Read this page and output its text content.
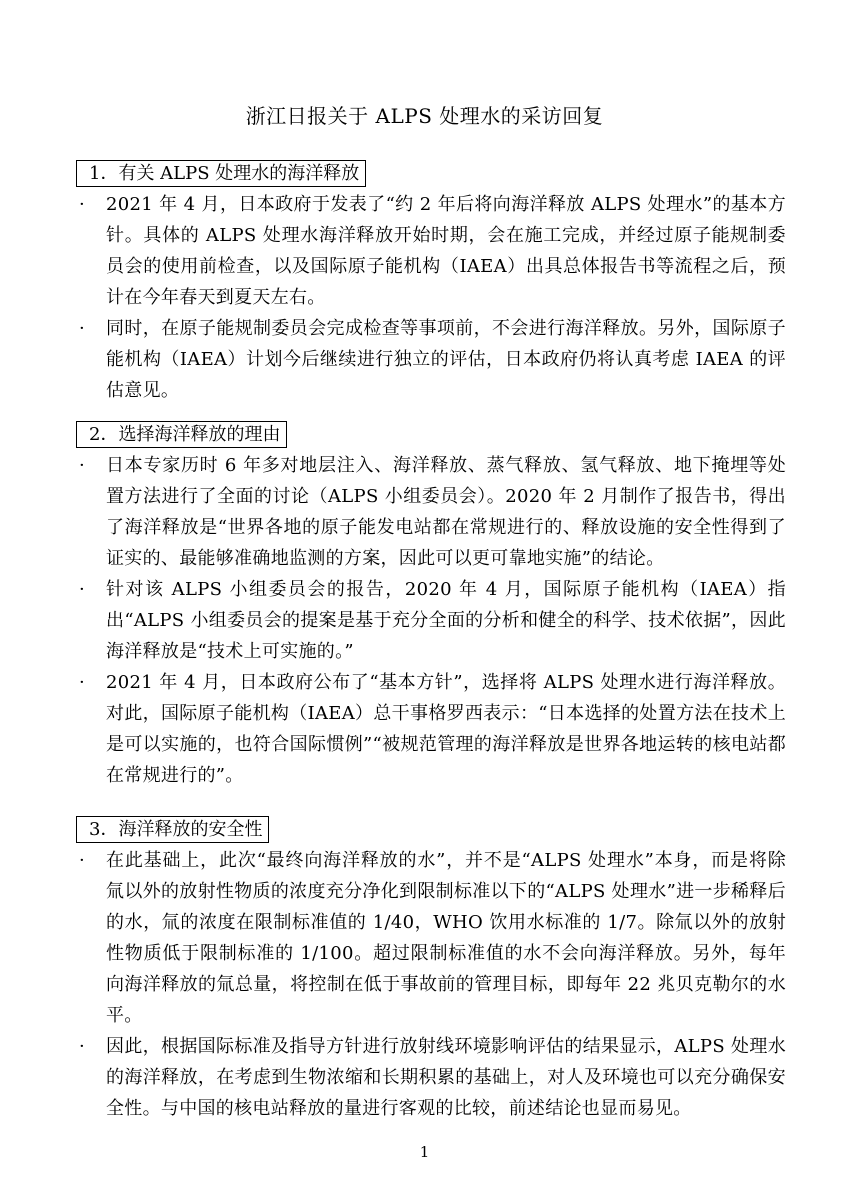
浙江日报关于 ALPS 处理水的采访回复
1．有关 ALPS 处理水的海洋释放
·	2021 年 4 月，日本政府于发表了“约 2 年后将向海洋释放 ALPS 处理水”的基本方针。具体的 ALPS 处理水海洋释放开始时期，会在施工完成，并经过原子能规制委员会的使用前检查，以及国际原子能机构（IAEA）出具总体报告书等流程之后，预计在今年春天到夏天左右。
·	同时，在原子能规制委员会完成检查等事项前，不会进行海洋释放。另外，国际原子能机构（IAEA）计划今后继续进行独立的评估，日本政府仍将认真考虑 IAEA 的评估意见。
2．选择海洋释放的理由
·	日本专家历时 6 年多对地层注入、海洋释放、蒸气释放、氢气释放、地下掩埋等处置方法进行了全面的讨论（ALPS 小组委员会）。2020 年 2 月制作了报告书，得出了海洋释放是“世界各地的原子能发电站都在常规进行的、释放设施的安全性得到了证实的、最能够准确地监测的方案，因此可以更可靠地实施”的结论。
·	针对该 ALPS 小组委员会的报告，2020 年 4 月，国际原子能机构（IAEA）指出“ALPS 小组委员会的提案是基于充分全面的分析和健全的科学、技术依据”，因此海洋释放是“技术上可实施的。”
·	2021 年 4 月，日本政府公布了“基本方针”，选择将 ALPS 处理水进行海洋释放。对此，国际原子能机构（IAEA）总干事格罗西表示：“日本选择的处置方法在技术上是可以实施的，也符合国际惯例”“被规范管理的海洋释放是世界各地运转的核电站都在常规进行的”。
3．海洋释放的安全性
·	在此基础上，此次“最终向海洋释放的水”，并不是“ALPS 处理水”本身，而是将除氚以外的放射性物质的浓度充分净化到限制标准以下的“ALPS 处理水”进一步稀释后的水，氚的浓度在限制标准值的 1/40，WHO 饮用水标准的 1/7。除氚以外的放射性物质低于限制标准的 1/100。超过限制标准值的水不会向海洋释放。另外，每年向海洋释放的氚总量，将控制在低于事故前的管理目标，即每年 22 兆贝克勒尔的水平。
·	因此，根据国际标准及指导方针进行放射线环境影响评估的结果显示，ALPS 处理水的海洋释放，在考虑到生物浓缩和长期积累的基础上，对人及环境也可以充分确保安全性。与中国的核电站释放的量进行客观的比较，前述结论也显而易见。
1
